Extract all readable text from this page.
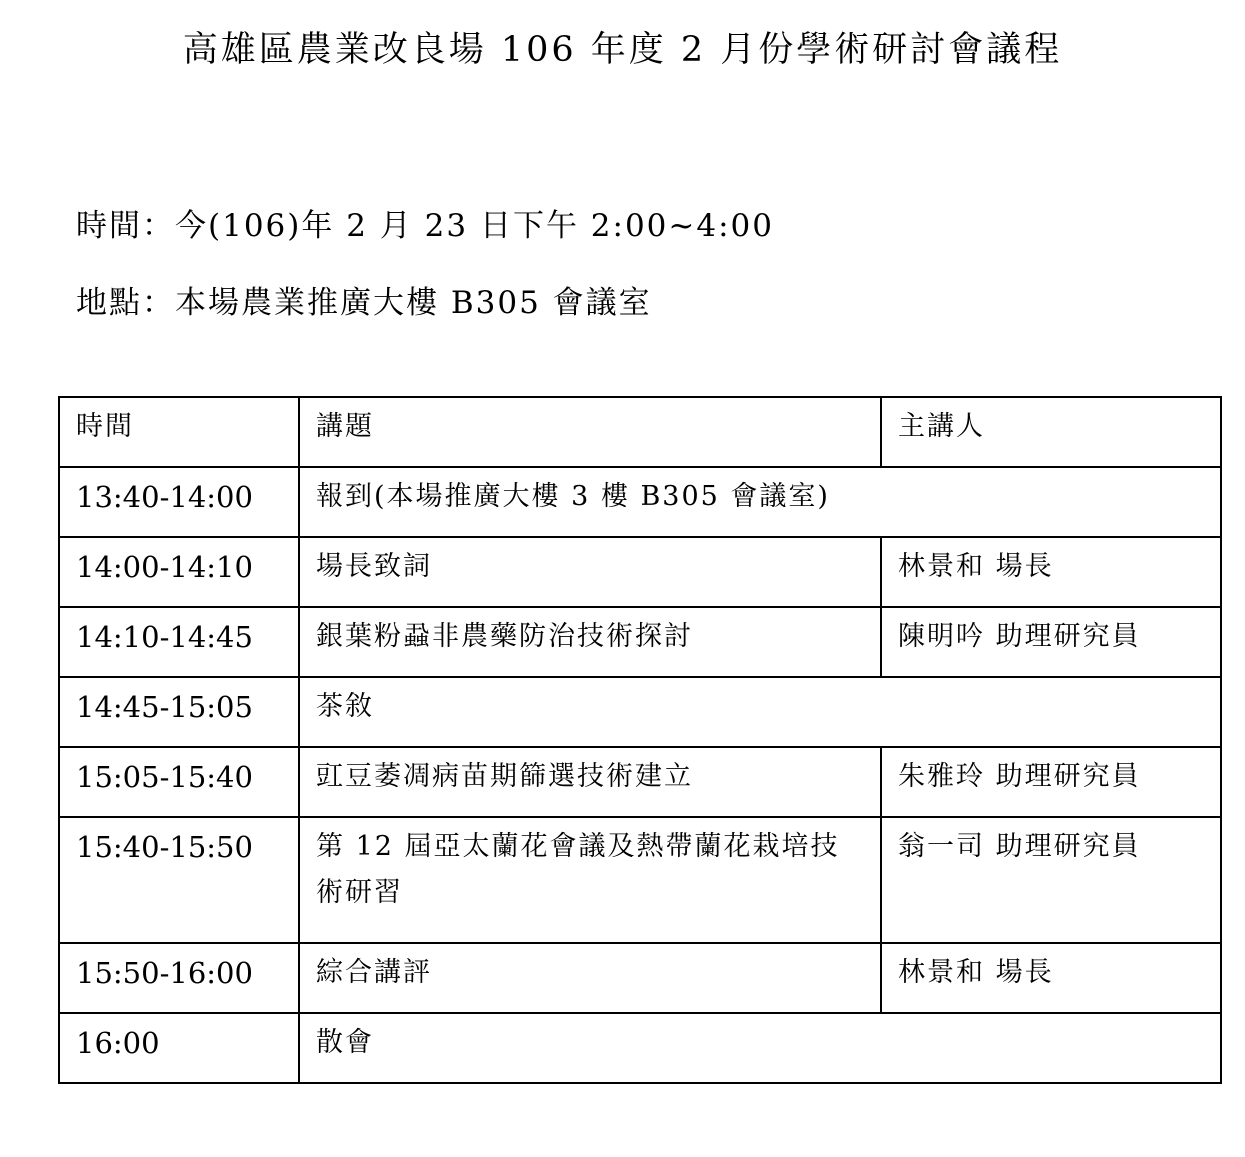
高雄區農業改良場 106 年度 2 月份學術研討會議程
時間：今(106)年 2 月 23 日下午 2:00~4:00
地點：本場農業推廣大樓 B305 會議室
時間	講題	主講人
13:40-14:00	報到(本場推廣大樓 3 樓 B305 會議室)	
14:00-14:10	場長致詞	林景和 場長
14:10-14:45	銀葉粉蝨非農藥防治技術探討	陳明吟 助理研究員
14:45-15:05	茶敘	
15:05-15:40	豇豆萎凋病苗期篩選技術建立	朱雅玲 助理研究員
15:40-15:50	第 12 屆亞太蘭花會議及熱帶蘭花栽培技術研習	翁一司 助理研究員
15:50-16:00	綜合講評	林景和 場長
16:00	散會	
